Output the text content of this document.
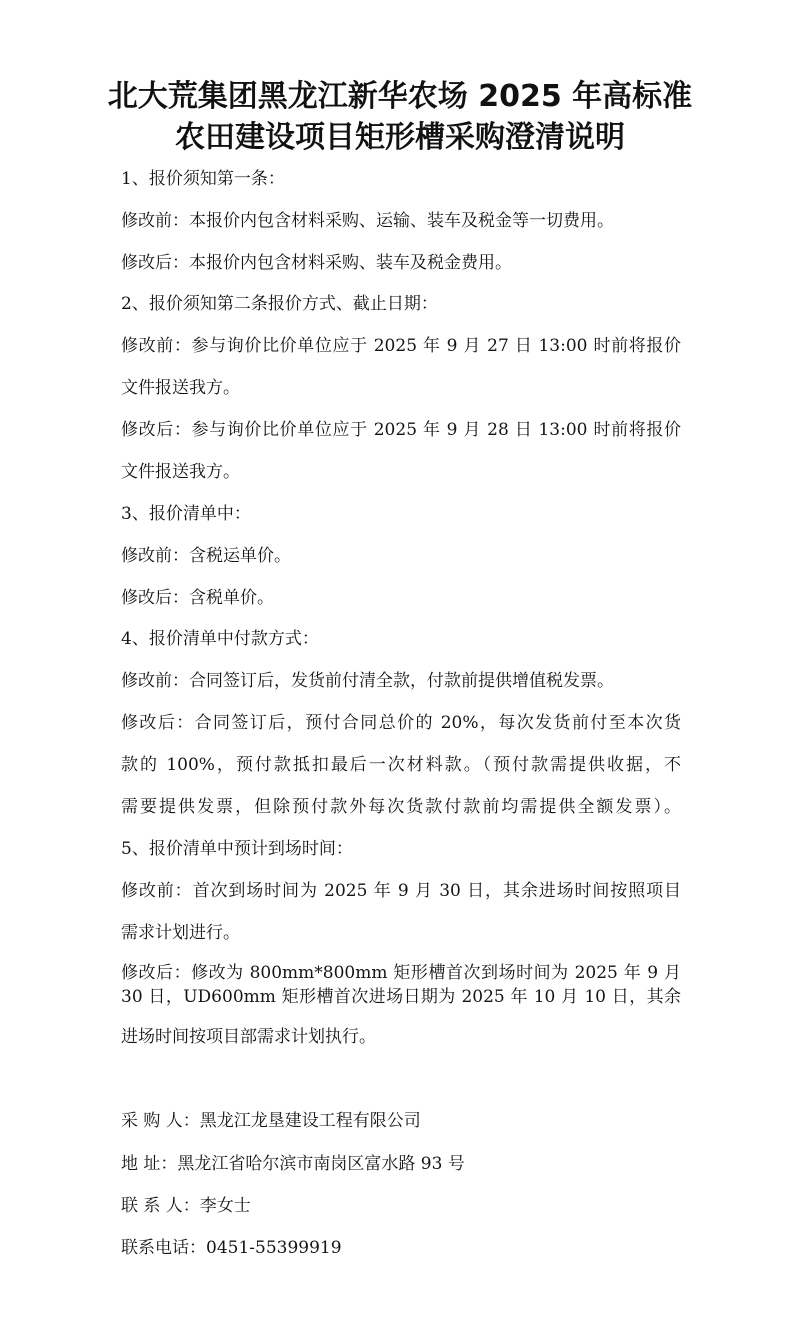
北大荒集团黑龙江新华农场 2025 年高标准
农田建设项目矩形槽采购澄清说明
1、报价须知第一条：
修改前：本报价内包含材料采购、运输、装车及税金等一切费用。
修改后：本报价内包含材料采购、装车及税金费用。
2、报价须知第二条报价方式、截止日期：
修改前：参与询价比价单位应于 2025 年 9 月 27 日 13:00 时前将报价
文件报送我方。
修改后：参与询价比价单位应于 2025 年 9 月 28 日 13:00 时前将报价
文件报送我方。
3、报价清单中：
修改前：含税运单价。
修改后：含税单价。
4、报价清单中付款方式：
修改前：合同签订后，发货前付清全款，付款前提供增值税发票。
修改后：合同签订后，预付合同总价的 20%，每次发货前付至本次货
款的 100%，预付款抵扣最后一次材料款。（预付款需提供收据，不
需要提供发票，但除预付款外每次货款付款前均需提供全额发票）。
5、报价清单中预计到场时间：
修改前：首次到场时间为 2025 年 9 月 30 日，其余进场时间按照项目
需求计划进行。
修改后：修改为 800mm*800mm 矩形槽首次到场时间为 2025 年 9 月
30 日，UD600mm 矩形槽首次进场日期为 2025 年 10 月 10 日，其余
进场时间按项目部需求计划执行。
采 购 人：黑龙江龙垦建设工程有限公司
地 址：黑龙江省哈尔滨市南岗区富水路 93 号
联 系 人：李女士
联系电话：0451-55399919
